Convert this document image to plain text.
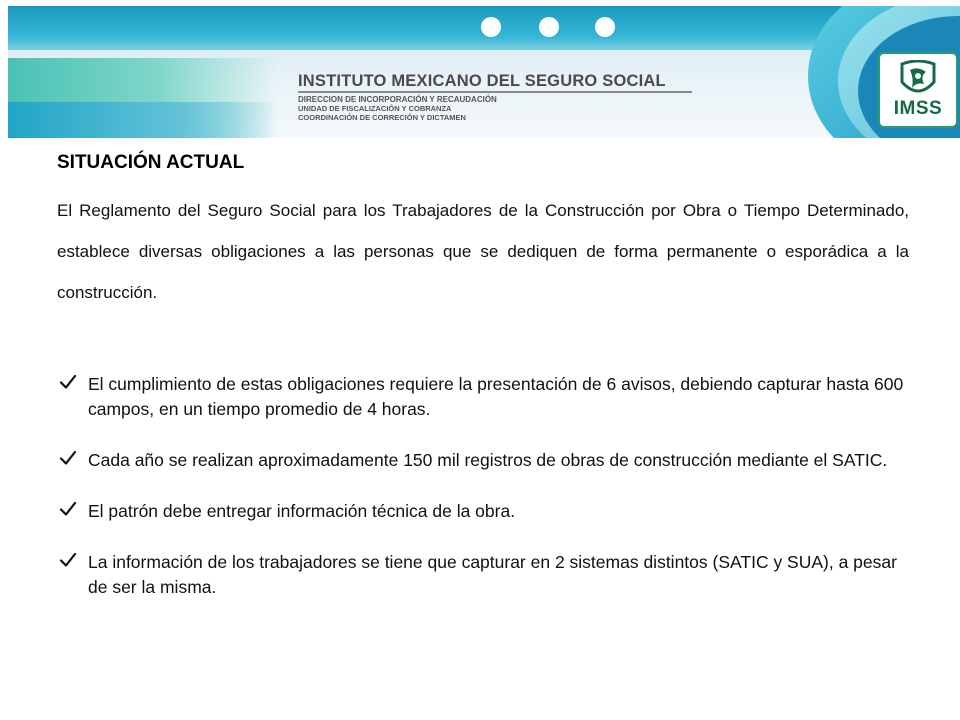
INSTITUTO MEXICANO DEL SEGURO SOCIAL
DIRECCION DE INCORPORACIÓN Y RECAUDACIÓN
UNIDAD DE FISCALIZACIÓN Y COBRANZA
COORDINACIÓN DE CORRECIÓN Y DICTAMEN	IMSS
SITUACIÓN ACTUAL
El Reglamento del Seguro Social para los Trabajadores de la Construcción por Obra o Tiempo Determinado, establece diversas obligaciones a las personas que se dediquen de forma permanente o esporádica a la construcción.
El cumplimiento de estas obligaciones requiere la presentación de 6 avisos, debiendo capturar hasta 600 campos, en un tiempo promedio de 4 horas.
Cada año se realizan aproximadamente 150 mil registros de obras de construcción mediante el SATIC.
El patrón debe entregar información técnica de la obra.
La información de los trabajadores se tiene que capturar en 2 sistemas distintos (SATIC y SUA), a pesar de ser la misma.
